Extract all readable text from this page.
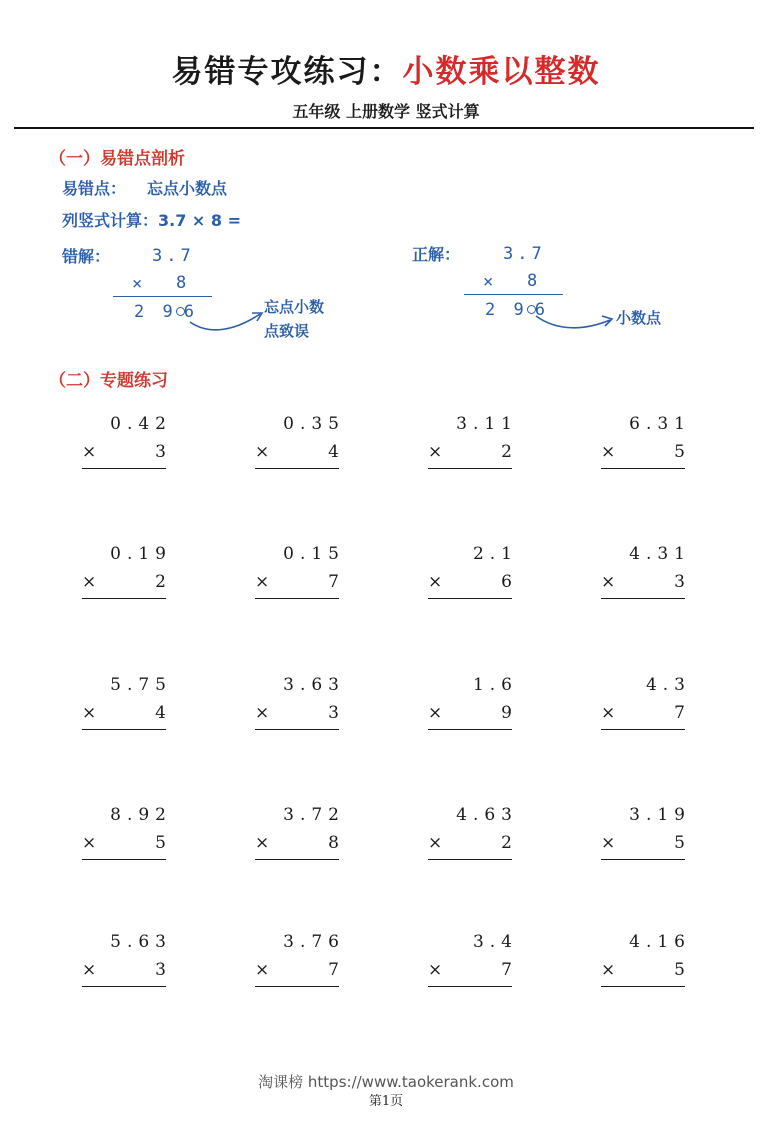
易错专攻练习：小数乘以整数
五年级 上册数学 竖式计算
（一）易错点剖析
易错点： 忘点小数点
列竖式计算：3.7 × 8 =
错解： 3.7
× 8
2 9 6	忘点小数
点致误
正解：	3.7
× 8
2 9 6	小数点
（二）专题练习
0.42
×	3
0.35
×	4
3.11
×	2
6.31
×	5
0.19
×	2
0.15
×	7
2.1
×	6
4.31
×	3
5.75
×	4
3.63
×	3
1.6
×	9
4.3
×	7
8.92
×	5
3.72
×	8
4.63
×	2
3.19
×	5
5.63
×	3
3.76
×	7
3.4
×	7
4.16
×	5
淘课榜 https://www.taokerank.com
第1页
